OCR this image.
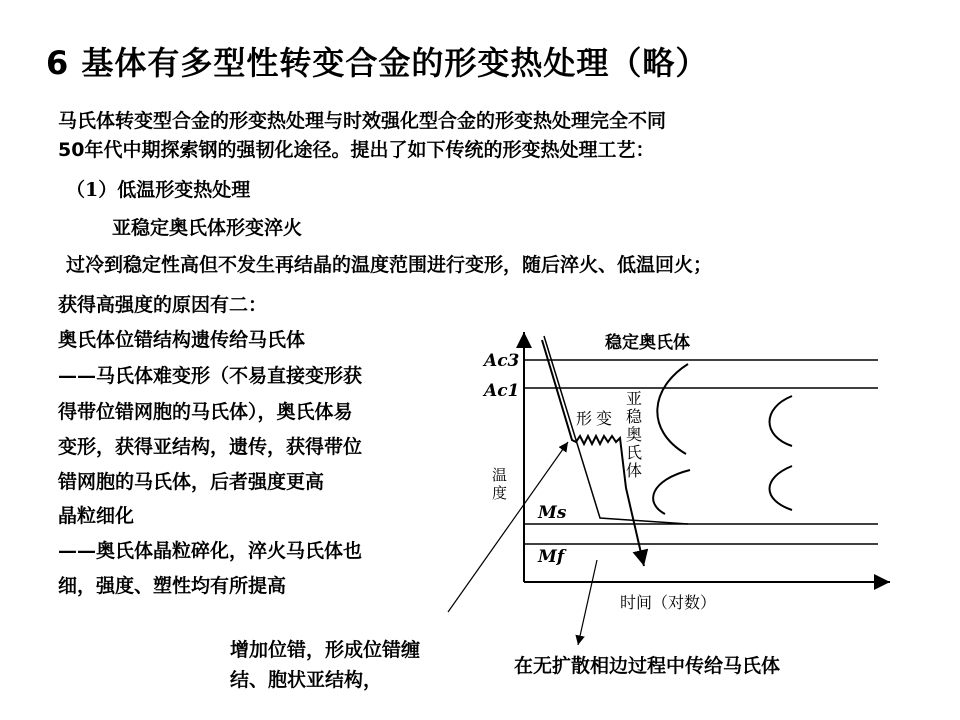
6 基体有多型性转变合金的形变热处理（略）
马氏体转变型合金的形变热处理与时效强化型合金的形变热处理完全不同
50年代中期探索钢的强韧化途径。提出了如下传统的形变热处理工艺：
（1）低温形变热处理
亚稳定奥氏体形变淬火
过冷到稳定性高但不发生再结晶的温度范围进行变形，随后淬火、低温回火；
获得高强度的原因有二：
奥氏体位错结构遗传给马氏体
——马氏体难变形（不易直接变形获
得带位错网胞的马氏体），奥氏体易
变形，获得亚结构，遗传，获得带位
错网胞的马氏体，后者强度更高
晶粒细化
——奥氏体晶粒碎化，淬火马氏体也
细，强度、塑性均有所提高
增加位错，形成位错缠
结、胞状亚结构，
在无扩散相边过程中传给马氏体
稳定奥氏体
Ac3
Ac1
Ms
Mf
形 变
亚
稳
奥
氏
体
温
度
时间（对数）
